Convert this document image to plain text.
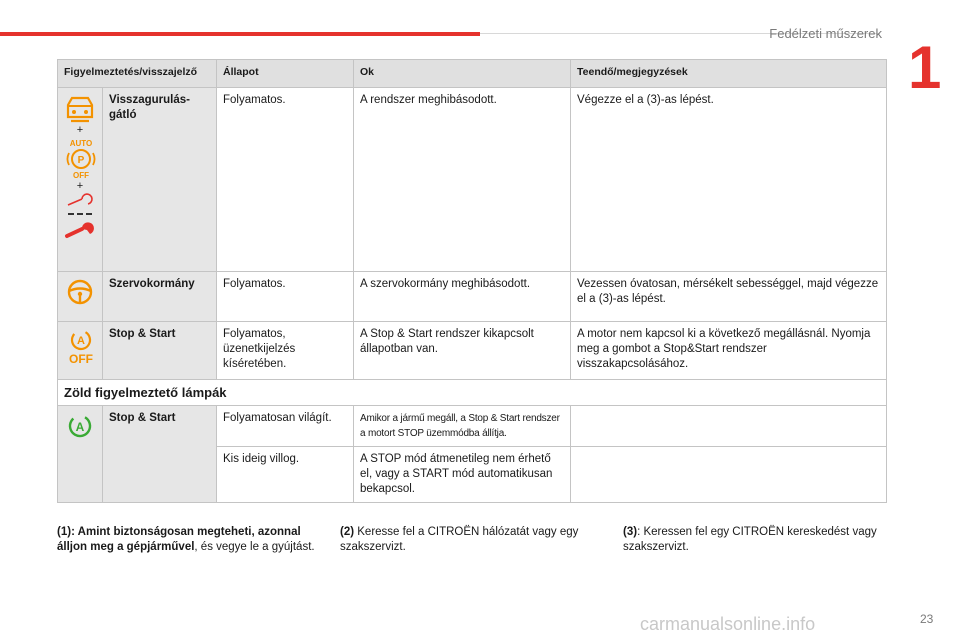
Fedélzeti műszerek
1
Figyelmeztetés/visszajelző		Állapot	Ok	Teendő/megjegyzések

+
AUTO
P
OFF
+	Visszagurulás-gátló	Folyamatos.	A rendszer meghibásodott.	Végezze el a (3)-as lépést.

	Szervokormány	Folyamatos.	A szervokormány meghibásodott.	Vezessen óvatosan, mérsékelt sebességgel, majd végezze el a (3)-as lépést.

A
OFF	Stop & Start	Folyamatos, üzenetkijelzés kíséretében.	A Stop & Start rendszer kikapcsolt állapotban van.	A motor nem kapcsol ki a következő megállásnál. Nyomja meg a gombot a Stop&Start rendszer visszakapcsolásához.
Zöld figyelmeztető lámpák				

A	Stop & Start	Folyamatosan világít.	Amikor a jármű megáll, a Stop & Start rendszer a motort STOP üzemmódba állítja.	
		Kis ideig villog.	A STOP mód átmenetileg nem érhető el, vagy a START mód automatikusan bekapcsol.	
(1): Amint biztonságosan megteheti, azonnal álljon meg a gépjárművel, és vegye le a gyújtást.
(2) Keresse fel a CITROËN hálózatát vagy egy szakszervizt.
(3): Keressen fel egy CITROËN kereskedést vagy szakszervizt.
carmanualsonline.info	23
